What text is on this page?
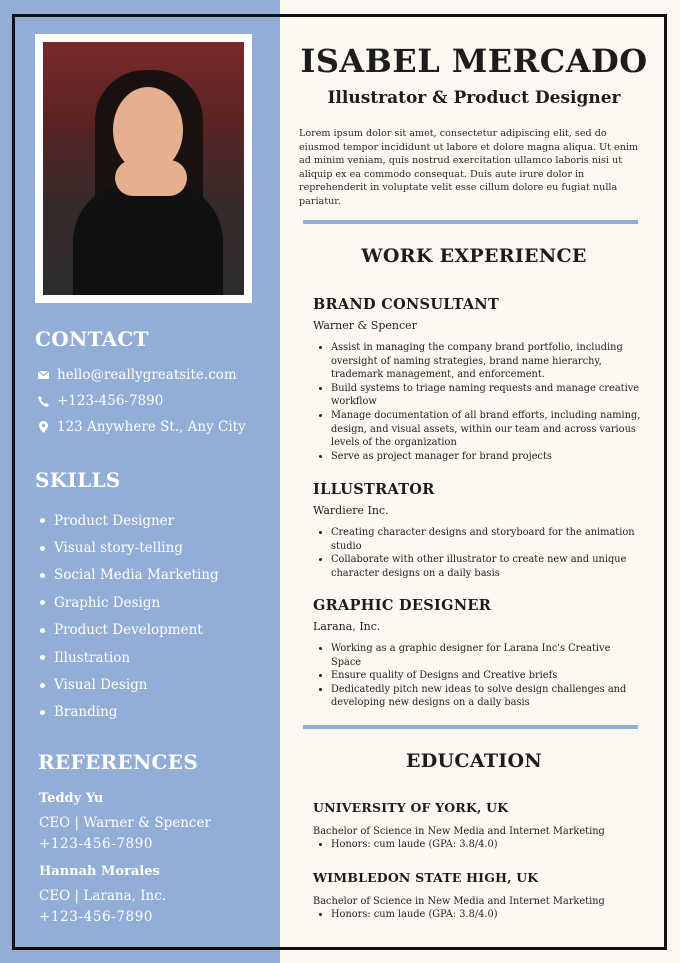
CONTACT
hello@reallygreatsite.com
+123-456-7890
123 Anywhere St., Any City
SKILLS
Product Designer
Visual story-telling
Social Media Marketing
Graphic Design
Product Development
Illustration
Visual Design
Branding
REFERENCES
Teddy Yu
CEO | Warner & Spencer
+123-456-7890
Hannah Morales
CEO | Larana, Inc.
+123-456-7890
ISABEL MERCADO
Illustrator & Product Designer
Lorem ipsum dolor sit amet, consectetur adipiscing elit, sed do eiusmod tempor incididunt ut labore et dolore magna aliqua. Ut enim ad minim veniam, quis nostrud exercitation ullamco laboris nisi ut aliquip ex ea commodo consequat. Duis aute irure dolor in reprehenderit in voluptate velit esse cillum dolore eu fugiat nulla pariatur.
WORK EXPERIENCE
BRAND CONSULTANT
Warner & Spencer
• Assist in managing the company brand portfolio, including oversight of naming strategies, brand name hierarchy, trademark management, and enforcement.
• Build systems to triage naming requests and manage creative workflow
• Manage documentation of all brand efforts, including naming, design, and visual assets, within our team and across various levels of the organization
• Serve as project manager for brand projects
ILLUSTRATOR
Wardiere Inc.
• Creating character designs and storyboard for the animation studio
• Collaborate with other illustrator to create new and unique character designs on a daily basis
GRAPHIC DESIGNER
Larana, Inc.
• Working as a graphic designer for Larana Inc's Creative Space
• Ensure quality of Designs and Creative briefs
• Dedicatedly pitch new ideas to solve design challenges and developing new designs on a daily basis
EDUCATION
UNIVERSITY OF YORK, UK
Bachelor of Science in New Media and Internet Marketing
• Honors: cum laude (GPA: 3.8/4.0)
WIMBLEDON STATE HIGH, UK
Bachelor of Science in New Media and Internet Marketing
• Honors: cum laude (GPA: 3.8/4.0)
